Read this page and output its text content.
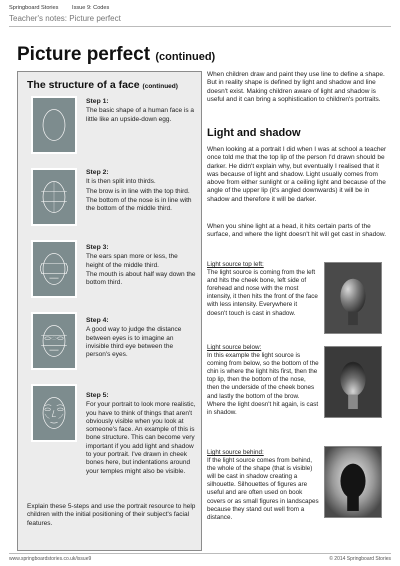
Springboard Stories Issue 9: Codes
Teacher's notes: Picture perfect
Picture perfect (continued)
The structure of a face (continued)
Step 1:

The basic shape of a human face is a little like an upside-down egg.

Step 2:

It is then split into thirds.

The brow is in line with the top third.

The bottom of the nose is in line with the bottom of the middle third.

Step 3:

The ears span more or less, the height of the middle third.

The mouth is about half way down the bottom third.

Step 4:

A good way to judge the distance between eyes is to imagine an invisible third eye between the person's eyes.

Step 5:

For your portrait to look more realistic, you have to think of things that aren't obviously visible when you look at someone's face. An example of this is bone structure. This can become very important if you add light and shadow to your portrait. I've drawn in cheek bones here, but indentations around your temples might also be visible.

Explain these 5-steps and use the portrait resource to help children with the initial positioning of their subject's facial features.
When children draw and paint they use line to define a shape. But in reality shape is defined by light and shadow and line doesn't exist. Making children aware of light and shadow is useful and it can bring a sophistication to children's portraits.
Light and shadow
When looking at a portrait I did when I was at school a teacher once told me that the top lip of the person I'd drawn should be darker. He didn't explain why, but eventually I realised that it was because of light and shadow. Light usually comes from above from either sunlight or a ceiling light and because of the angle of the upper lip (it's angled downwards) it will be in shadow and therefore it will be darker.
When you shine light at a head, it hits certain parts of the surface, and where the light doesn't hit will get cast in shadow.

Light source top left:

The light source is coming from the left and hits the cheek bone, left side of forehead and nose with the most intensity, it then hits the front of the face with less intensity. Everywhere it doesn't touch is cast in shadow.

Light source below:

In this example the light source is coming from below, so the bottom of the chin is where the light hits first, then the top lip, then the bottom of the nose, then the underside of the cheek bones and lastly the bottom of the brow. Where the light doesn't hit again, is cast in shadow.

Light source behind:

If the light source comes from behind, the whole of the shape (that is visible) will be cast in shadow creating a silhouette. Silhouettes of figures are useful and are often used on book covers or as small figures in landscapes because they stand out well from a distance.

www.springboardstories.co.uk/issue9	© 2014 Springboard Stories
